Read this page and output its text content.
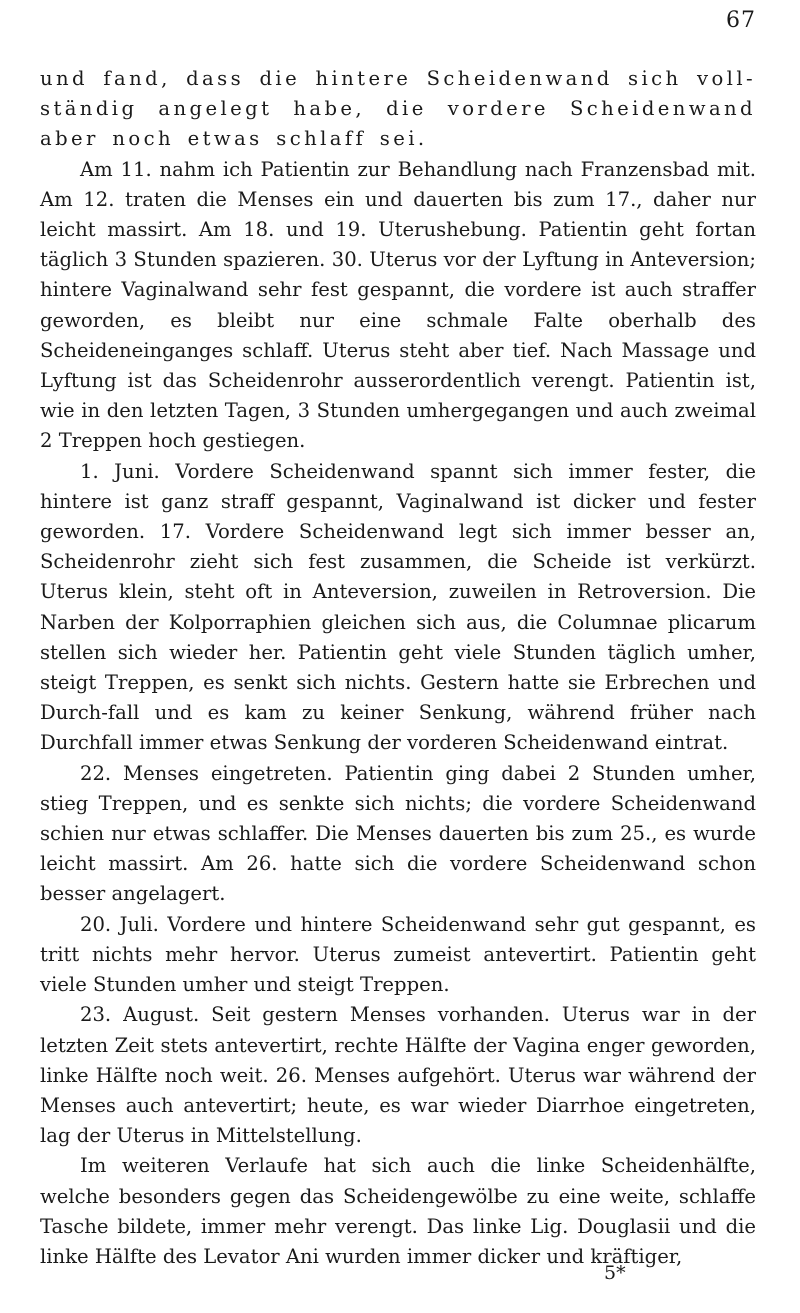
67

und fand, dass die hintere Scheidenwand sich voll-ständig angelegt habe, die vordere Scheidenwand aber noch etwas schlaff sei.

Am 11. nahm ich Patientin zur Behandlung nach Franzensbad mit. Am 12. traten die Menses ein und dauerten bis zum 17., daher nur leicht massirt. Am 18. und 19. Uterushebung. Patientin geht fortan täglich 3 Stunden spazieren. 30. Uterus vor der Lyftung in Anteversion; hintere Vaginalwand sehr fest gespannt, die vordere ist auch straffer geworden, es bleibt nur eine schmale Falte oberhalb des Scheideneinganges schlaff. Uterus steht aber tief. Nach Massage und Lyftung ist das Scheidenrohr ausserordentlich verengt. Patientin ist, wie in den letzten Tagen, 3 Stunden umhergegangen und auch zweimal 2 Treppen hoch gestiegen.

1. Juni. Vordere Scheidenwand spannt sich immer fester, die hintere ist ganz straff gespannt, Vaginalwand ist dicker und fester geworden. 17. Vordere Scheidenwand legt sich immer besser an, Scheidenrohr zieht sich fest zusammen, die Scheide ist verkürzt. Uterus klein, steht oft in Anteversion, zuweilen in Retroversion. Die Narben der Kolporraphien gleichen sich aus, die Columnae plicarum stellen sich wieder her. Patientin geht viele Stunden täglich umher, steigt Treppen, es senkt sich nichts. Gestern hatte sie Erbrechen und Durch-fall und es kam zu keiner Senkung, während früher nach Durchfall immer etwas Senkung der vorderen Scheidenwand eintrat.

22. Menses eingetreten. Patientin ging dabei 2 Stunden umher, stieg Treppen, und es senkte sich nichts; die vordere Scheidenwand schien nur etwas schlaffer. Die Menses dauerten bis zum 25., es wurde leicht massirt. Am 26. hatte sich die vordere Scheidenwand schon besser angelagert.

20. Juli. Vordere und hintere Scheidenwand sehr gut gespannt, es tritt nichts mehr hervor. Uterus zumeist antevertirt. Patientin geht viele Stunden umher und steigt Treppen.

23. August. Seit gestern Menses vorhanden. Uterus war in der letzten Zeit stets antevertirt, rechte Hälfte der Vagina enger geworden, linke Hälfte noch weit. 26. Menses aufgehört. Uterus war während der Menses auch antevertirt; heute, es war wieder Diarrhoe eingetreten, lag der Uterus in Mittelstellung.

Im weiteren Verlaufe hat sich auch die linke Scheidenhälfte, welche besonders gegen das Scheidengewölbe zu eine weite, schlaffe Tasche bildete, immer mehr verengt. Das linke Lig. Douglasii und die linke Hälfte des Levator Ani wurden immer dicker und kräftiger,

5*
